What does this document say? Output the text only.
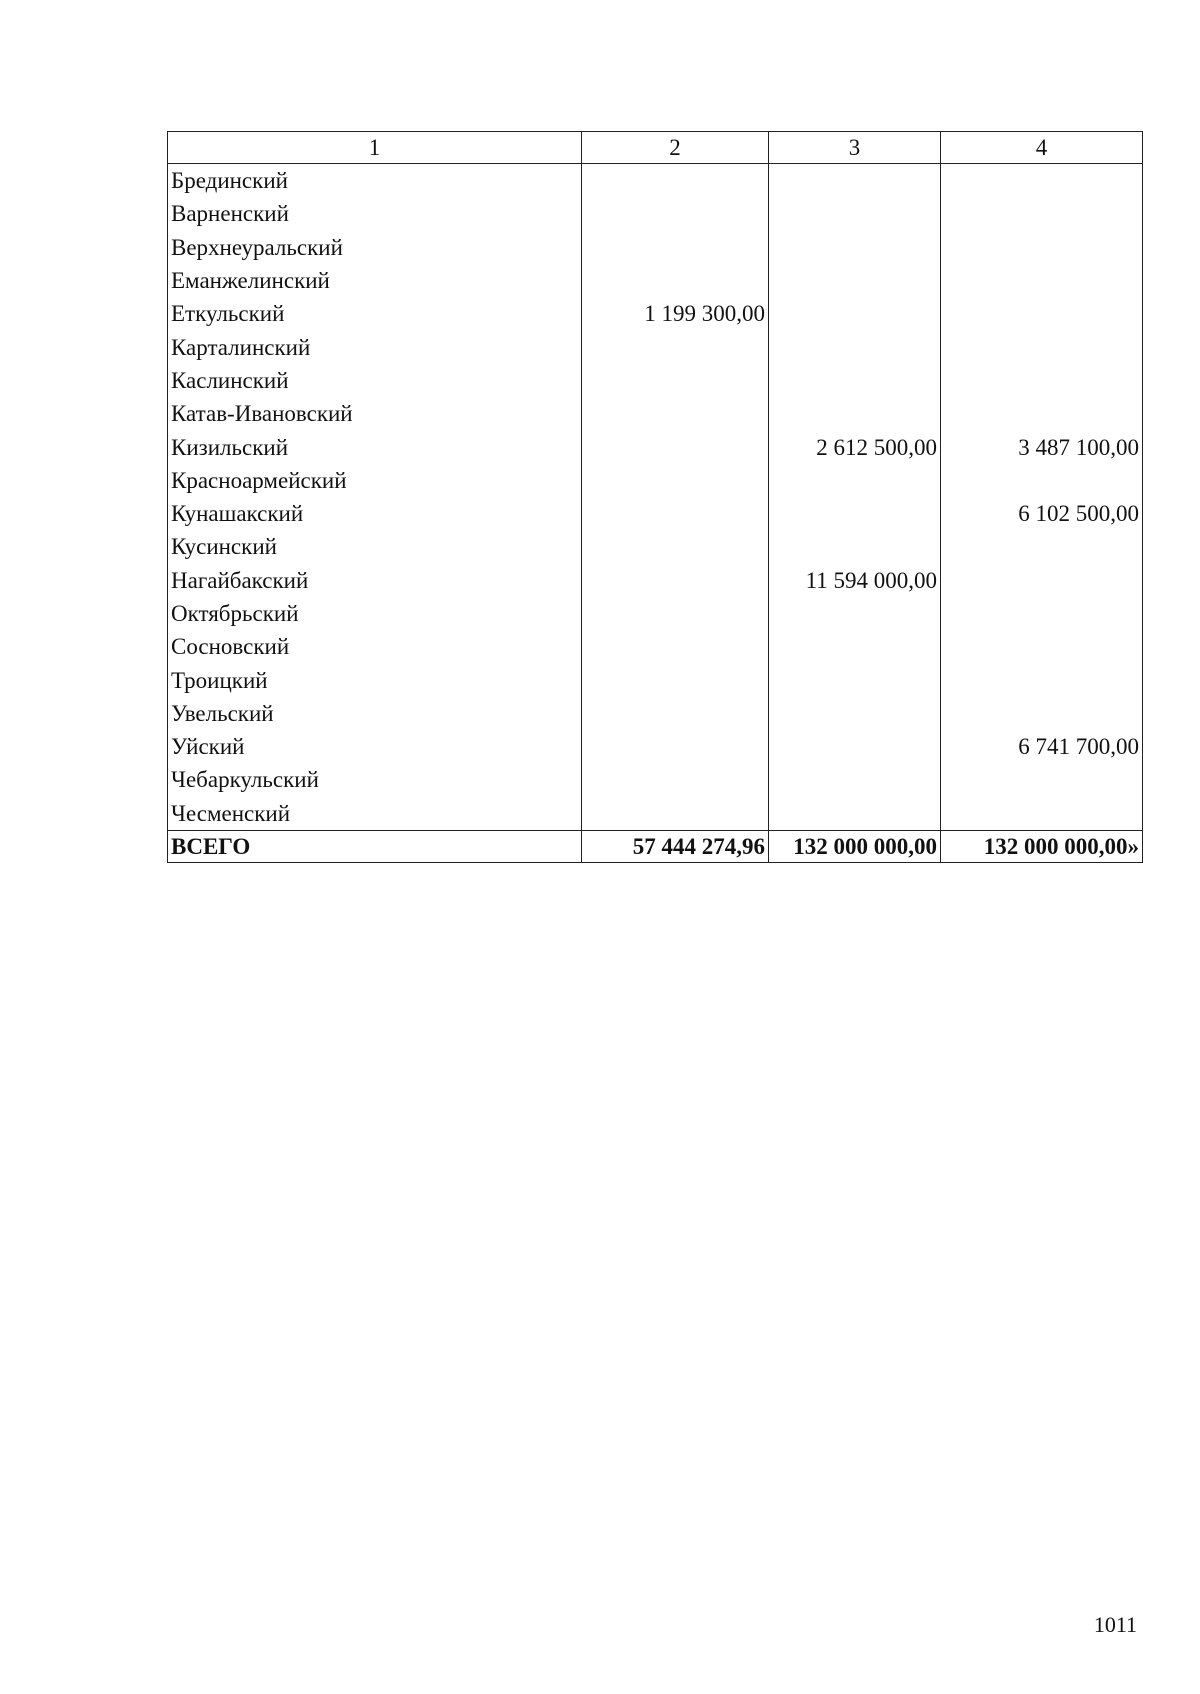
1	2	3	4
Брединский			
Варненский			
Верхнеуральский			
Еманжелинский			
Еткульский	1 199 300,00		
Карталинский			
Каслинский			
Катав-Ивановский			
Кизильский		2 612 500,00	3 487 100,00
Красноармейский			
Кунашакский			6 102 500,00
Кусинский			
Нагайбакский		11 594 000,00	
Октябрьский			
Сосновский			
Троицкий			
Увельский			
Уйский			6 741 700,00
Чебаркульский			
Чесменский			
ВСЕГО	57 444 274,96	132 000 000,00	132 000 000,00»
1011
